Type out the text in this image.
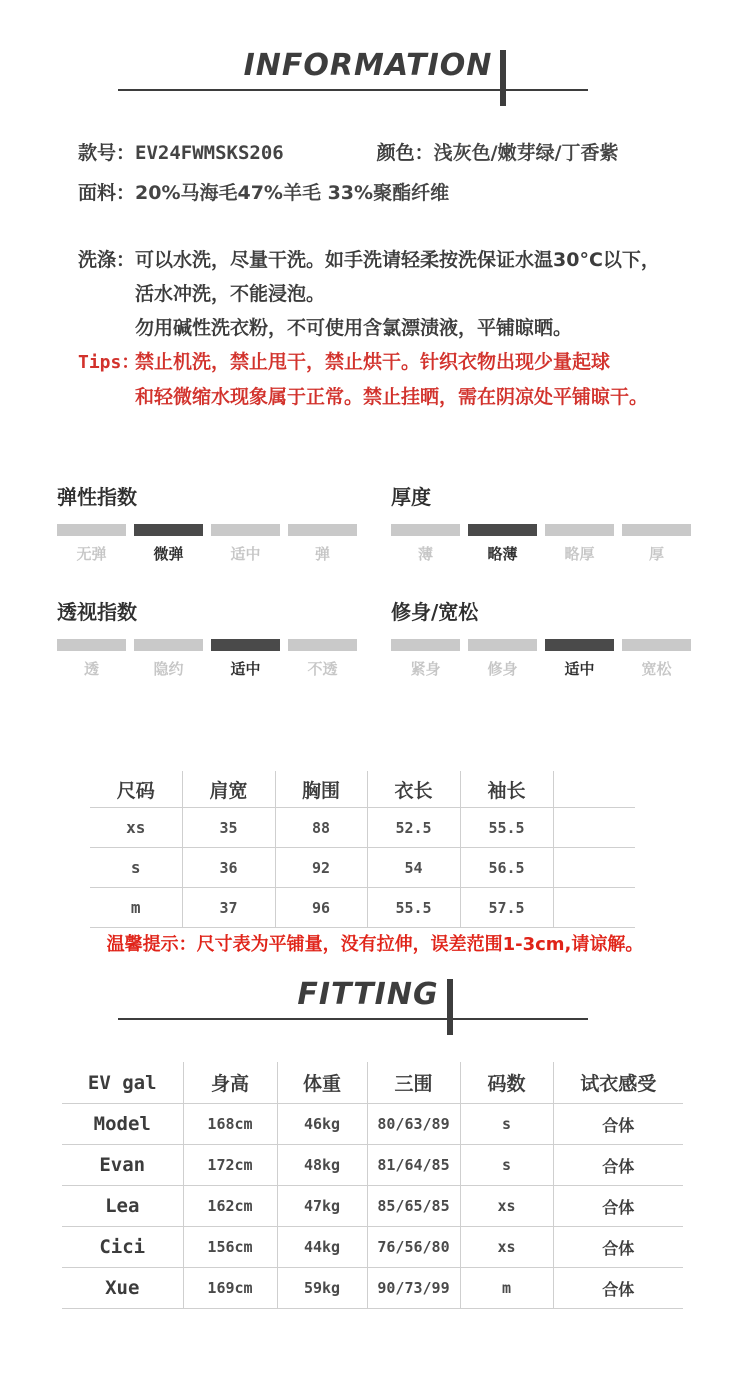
INFORMATION
款号：EV24FWMSKS206	颜色：浅灰色/嫩芽绿/丁香紫
面料：20%马海毛47%羊毛 33%聚酯纤维
洗涤：可以水洗，尽量干洗。如手洗请轻柔按洗保证水温30°C以下，
活水冲洗，不能浸泡。
勿用碱性洗衣粉，不可使用含氯漂渍液，平铺晾晒。
Tips：禁止机洗，禁止甩干，禁止烘干。针织衣物出现少量起球
和轻微缩水现象属于正常。禁止挂晒，需在阴凉处平铺晾干。
弹性指数
无弹	微弹	适中	弹
厚度
薄	略薄	略厚	厚
透视指数
透	隐约	适中	不透
修身/宽松
紧身	修身	适中	宽松
尺码	肩宽	胸围	衣长	袖长	
xs	35	88	52.5	55.5	
s	36	92	54	56.5	
m	37	96	55.5	57.5	
温馨提示：尺寸表为平铺量，没有拉伸，误差范围1-3cm,请谅解。
FITTING
EV gal	身高	体重	三围	码数	试衣感受
Model	168cm	46kg	80/63/89	s	合体
Evan	172cm	48kg	81/64/85	s	合体
Lea	162cm	47kg	85/65/85	xs	合体
Cici	156cm	44kg	76/56/80	xs	合体
Xue	169cm	59kg	90/73/99	m	合体
